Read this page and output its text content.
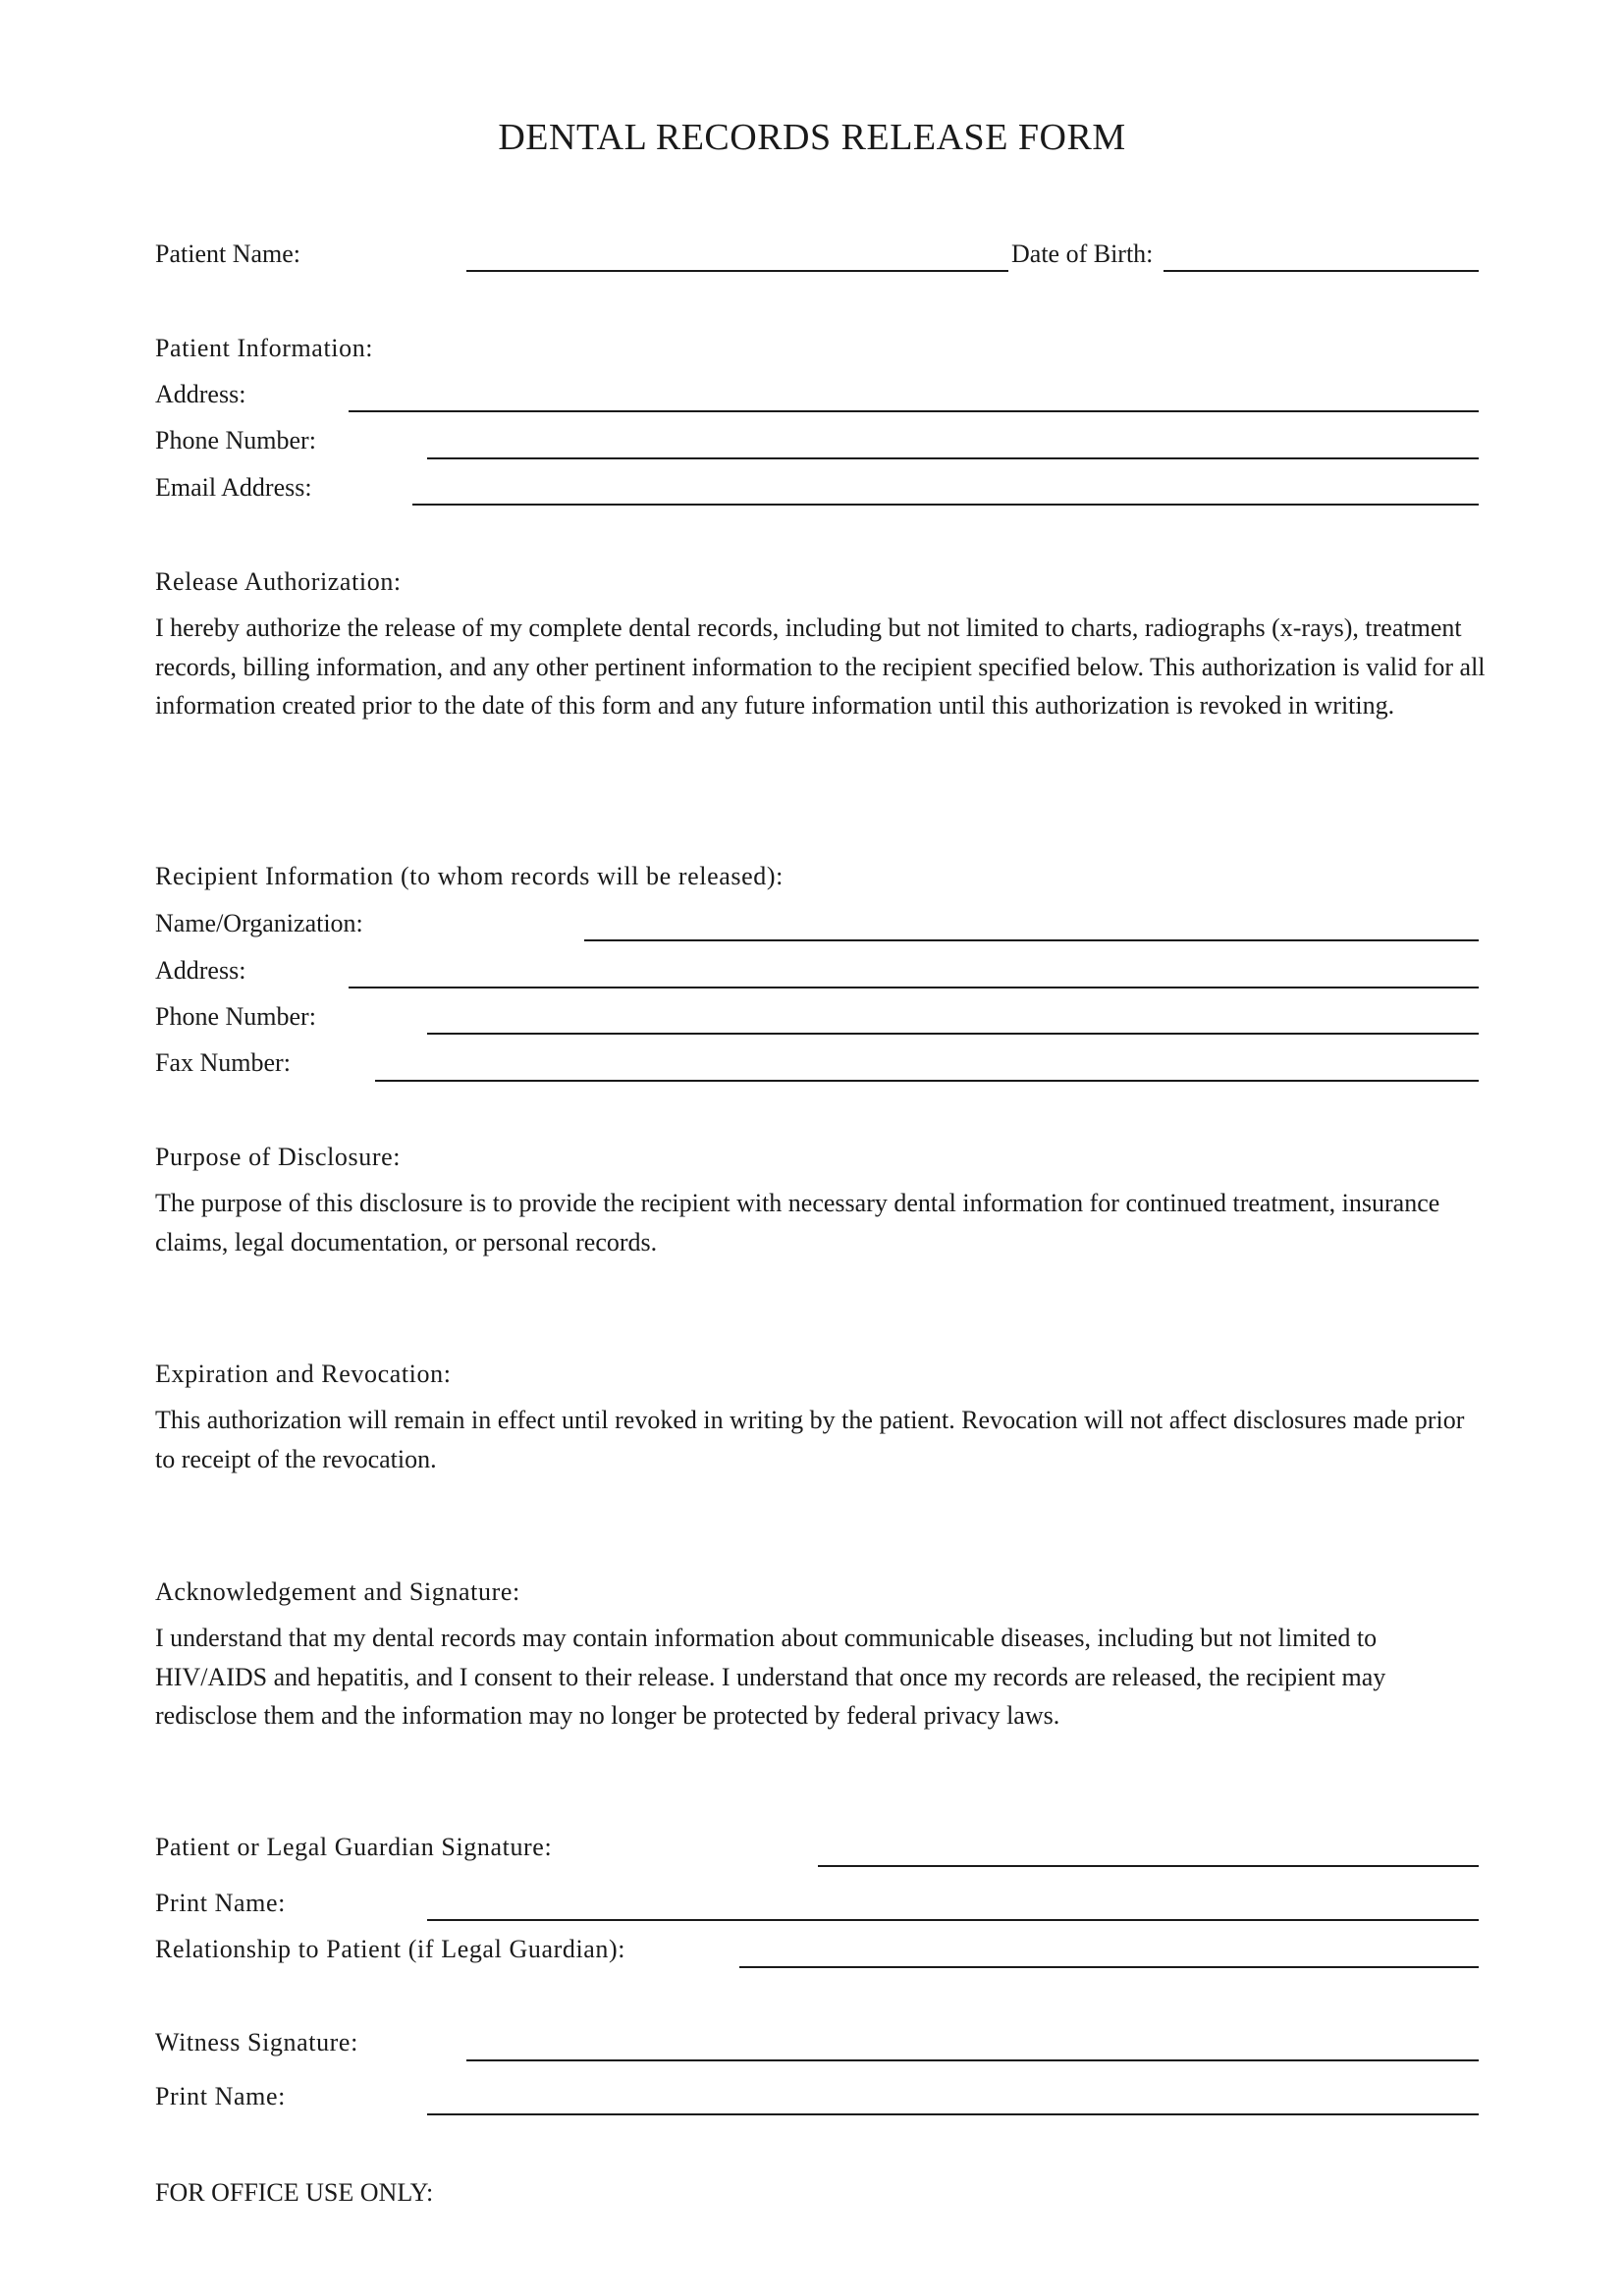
DENTAL RECORDS RELEASE FORM
Patient Name:	Date of Birth:
Patient Information:
Address:
Phone Number:
Email Address:
Release Authorization:
I hereby authorize the release of my complete dental records, including but not limited to charts, radiographs (x-rays), treatment records, billing information, and any other pertinent information to the recipient specified below. This authorization is valid for all information created prior to the date of this form and any future information until this authorization is revoked in writing.
Recipient Information (to whom records will be released):
Name/Organization:
Address:
Phone Number:
Fax Number:
Purpose of Disclosure:
The purpose of this disclosure is to provide the recipient with necessary dental information for continued treatment, insurance claims, legal documentation, or personal records.
Expiration and Revocation:
This authorization will remain in effect until revoked in writing by the patient. Revocation will not affect disclosures made prior to receipt of the revocation.
Acknowledgement and Signature:
I understand that my dental records may contain information about communicable diseases, including but not limited to HIV/AIDS and hepatitis, and I consent to their release. I understand that once my records are released, the recipient may redisclose them and the information may no longer be protected by federal privacy laws.
Patient or Legal Guardian Signature:
Print Name:
Relationship to Patient (if Legal Guardian):
Witness Signature:
Print Name:
FOR OFFICE USE ONLY:
